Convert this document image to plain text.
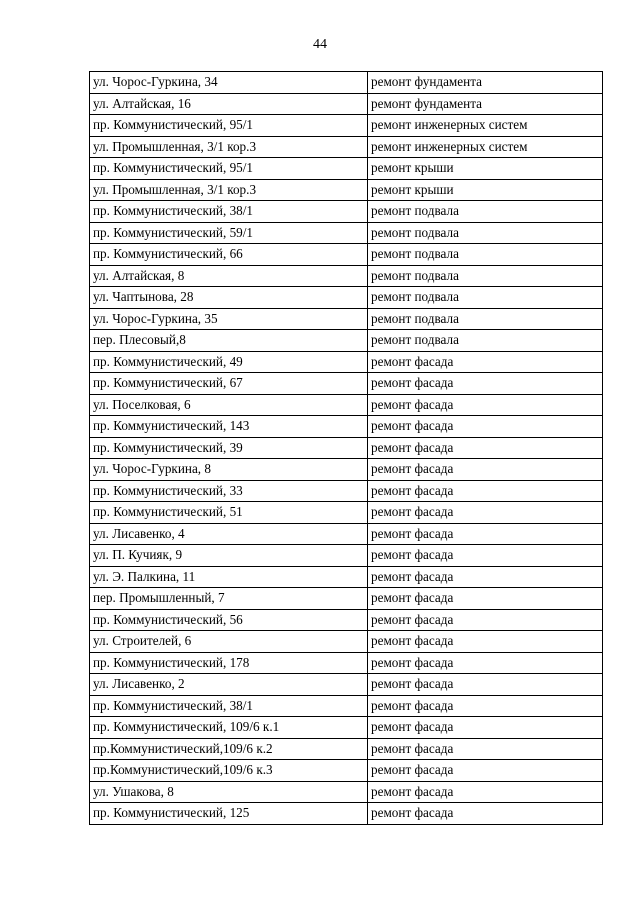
44
ул. Чорос-Гуркина, 34	ремонт фундамента
ул. Алтайская, 16	ремонт фундамента
пр. Коммунистический, 95/1	ремонт инженерных систем
ул. Промышленная, 3/1 кор.3	ремонт инженерных систем
пр. Коммунистический, 95/1	ремонт крыши
ул. Промышленная, 3/1 кор.3	ремонт крыши
пр. Коммунистический, 38/1	ремонт подвала
пр. Коммунистический, 59/1	ремонт подвала
пр. Коммунистический, 66	ремонт подвала
ул. Алтайская, 8	ремонт подвала
ул. Чаптынова, 28	ремонт подвала
ул. Чорос-Гуркина, 35	ремонт подвала
пер. Плесовый,8	ремонт подвала
пр. Коммунистический, 49	ремонт фасада
пр. Коммунистический, 67	ремонт фасада
ул. Поселковая, 6	ремонт фасада
пр. Коммунистический, 143	ремонт фасада
пр. Коммунистический, 39	ремонт фасада
ул. Чорос-Гуркина, 8	ремонт фасада
пр. Коммунистический, 33	ремонт фасада
пр. Коммунистический, 51	ремонт фасада
ул. Лисавенко, 4	ремонт фасада
ул. П. Кучияк, 9	ремонт фасада
ул. Э. Палкина, 11	ремонт фасада
пер. Промышленный, 7	ремонт фасада
пр. Коммунистический, 56	ремонт фасада
ул. Строителей, 6	ремонт фасада
пр. Коммунистический, 178	ремонт фасада
ул. Лисавенко, 2	ремонт фасада
пр. Коммунистический, 38/1	ремонт фасада
пр. Коммунистический, 109/6 к.1	ремонт фасада
пр.Коммунистический,109/6 к.2	ремонт фасада
пр.Коммунистический,109/6 к.3	ремонт фасада
ул. Ушакова, 8	ремонт фасада
пр. Коммунистический, 125	ремонт фасада
